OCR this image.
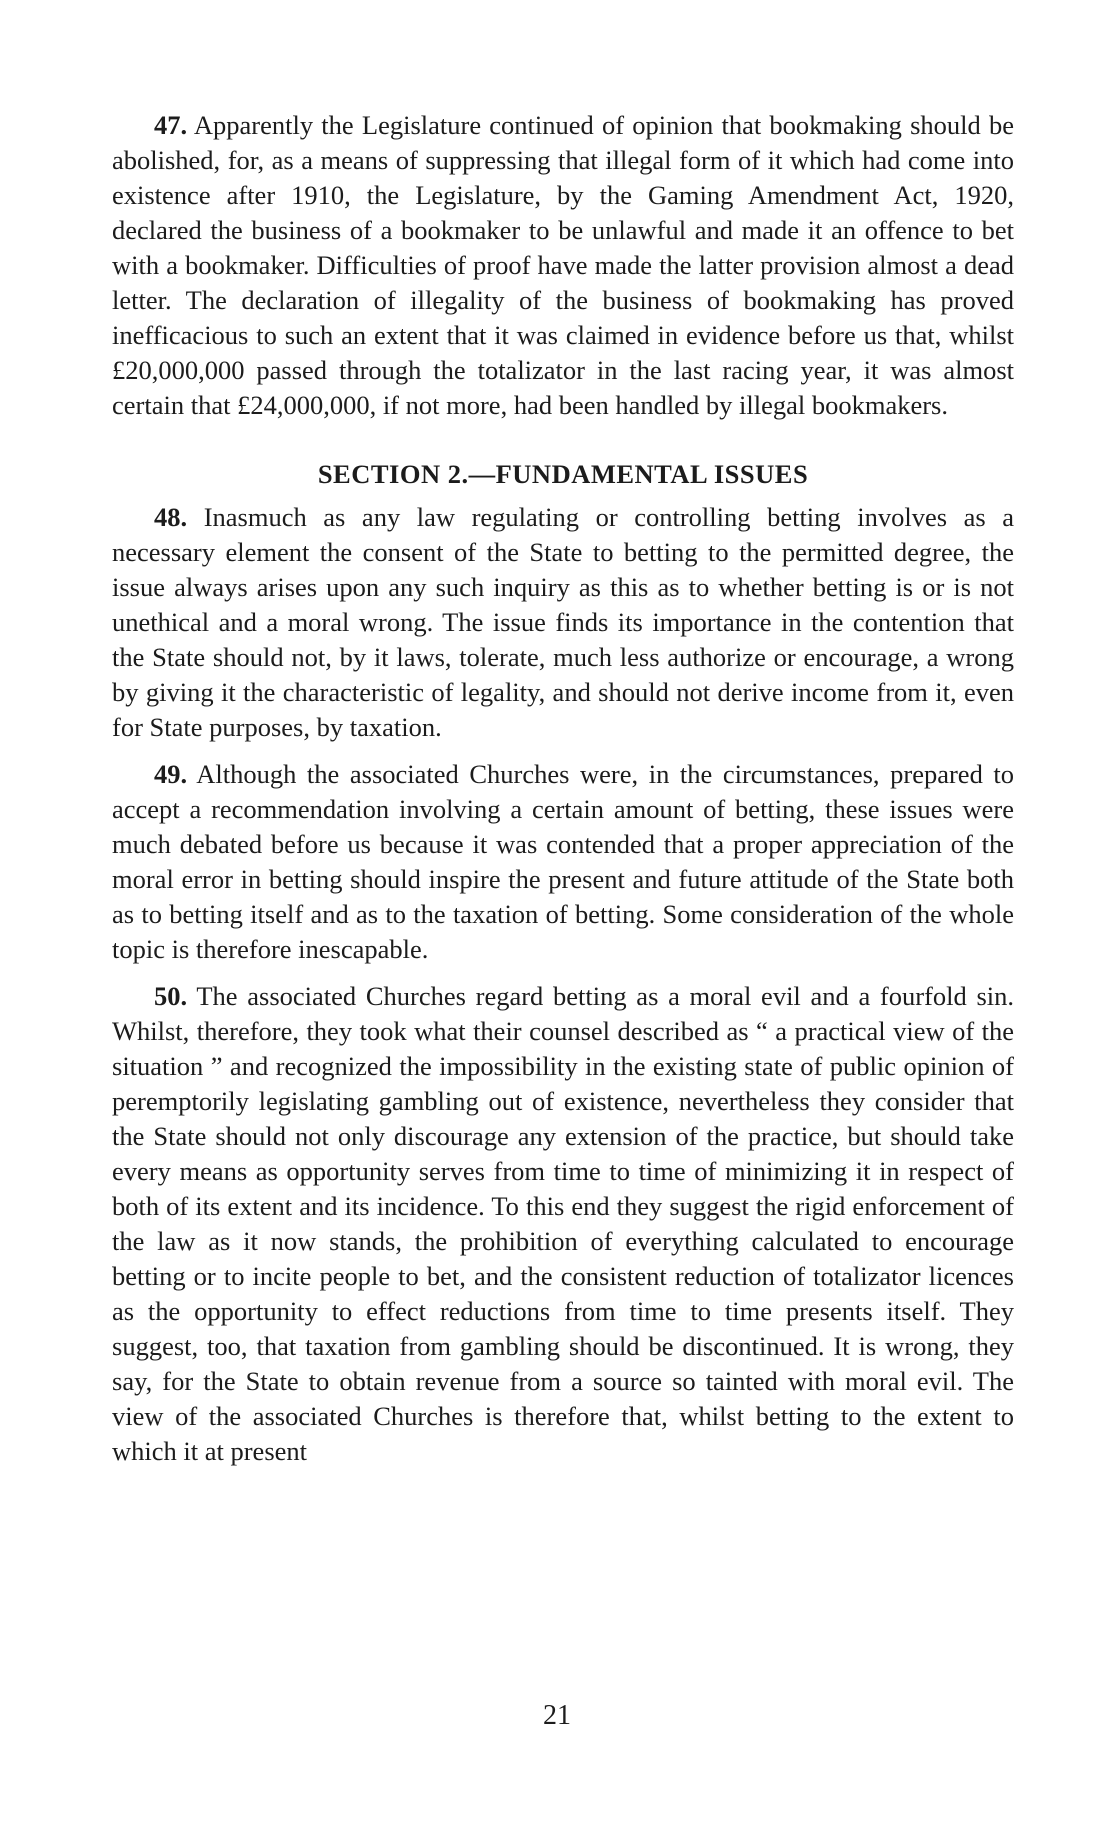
47. Apparently the Legislature continued of opinion that bookmaking should be abolished, for, as a means of suppressing that illegal form of it which had come into existence after 1910, the Legislature, by the Gaming Amendment Act, 1920, declared the business of a bookmaker to be unlawful and made it an offence to bet with a bookmaker. Difficulties of proof have made the latter provision almost a dead letter. The declaration of illegality of the business of bookmaking has proved inefficacious to such an extent that it was claimed in evidence before us that, whilst £20,000,000 passed through the totalizator in the last racing year, it was almost certain that £24,000,000, if not more, had been handled by illegal bookmakers.

SECTION 2.—FUNDAMENTAL ISSUES

48. Inasmuch as any law regulating or controlling betting involves as a necessary element the consent of the State to betting to the permitted degree, the issue always arises upon any such inquiry as this as to whether betting is or is not unethical and a moral wrong. The issue finds its importance in the contention that the State should not, by it laws, tolerate, much less authorize or encourage, a wrong by giving it the characteristic of legality, and should not derive income from it, even for State purposes, by taxation.

49. Although the associated Churches were, in the circumstances, prepared to accept a recommendation involving a certain amount of betting, these issues were much debated before us because it was contended that a proper appreciation of the moral error in betting should inspire the present and future attitude of the State both as to betting itself and as to the taxation of betting. Some consideration of the whole topic is therefore inescapable.

50. The associated Churches regard betting as a moral evil and a fourfold sin. Whilst, therefore, they took what their counsel described as “ a practical view of the situation ” and recognized the impossibility in the existing state of public opinion of peremptorily legislating gambling out of existence, nevertheless they consider that the State should not only discourage any extension of the practice, but should take every means as opportunity serves from time to time of minimizing it in respect of both of its extent and its incidence. To this end they suggest the rigid enforcement of the law as it now stands, the prohibition of everything calculated to encourage betting or to incite people to bet, and the consistent reduction of totalizator licences as the opportunity to effect reductions from time to time presents itself. They suggest, too, that taxation from gambling should be discontinued. It is wrong, they say, for the State to obtain revenue from a source so tainted with moral evil. The view of the associated Churches is therefore that, whilst betting to the extent to which it at present

21
